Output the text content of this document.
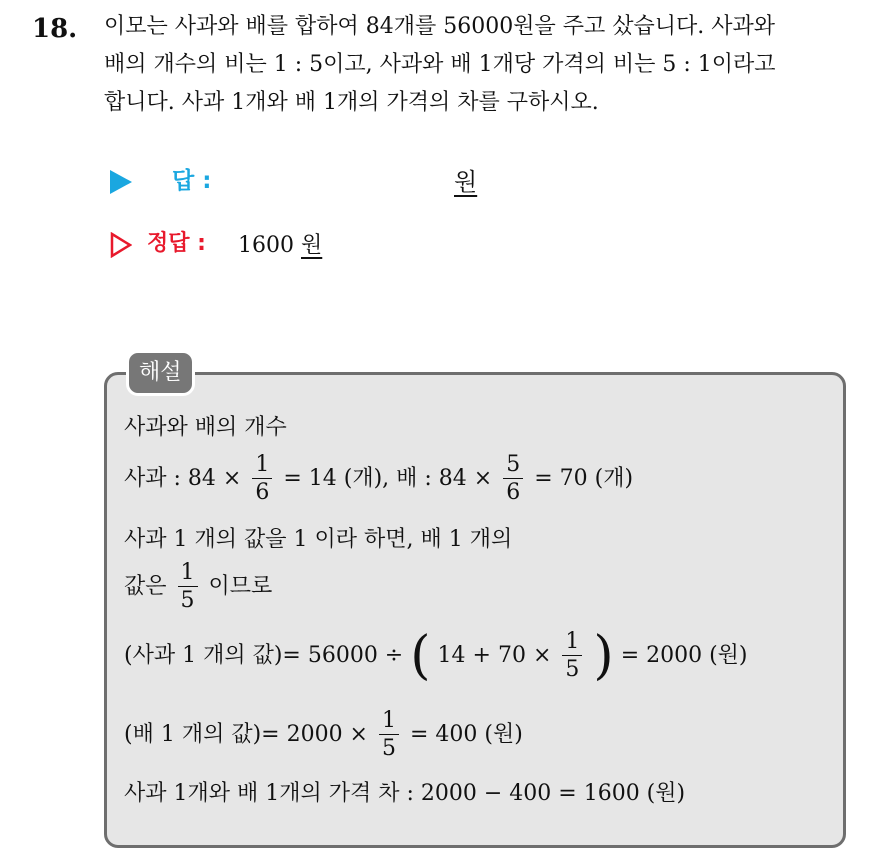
18. 이모는 사과와 배를 합하여 84개를 56000원을 주고 샀습니다. 사과와
배의 개수의 비는 1 : 5이고, 사과와 배 1개당 가격의 비는 5 : 1이라고
합니다. 사과 1개와 배 1개의 가격의 차를 구하시오.
답 :	원
정답 : 1600 원
해설
사과와 배의 개수
사과 : $84 \times \frac{1}{6} = 14$ (개), 배 : $84 \times \frac{5}{6} = 70$ (개)
사과 1 개의 값을 1 이라 하면, 배 1 개의
값은 $\frac{1}{5}$ 이므로
(사과 1 개의 값)= 56000 ÷ ( $14 + 70 \times \frac{1}{5}$ ) = 2000 (원)
(배 1 개의 값)= $2000 \times \frac{1}{5} = 400$ (원)
사과 1개와 배 1개의 가격 차 : 2000 − 400 = 1600 (원)
